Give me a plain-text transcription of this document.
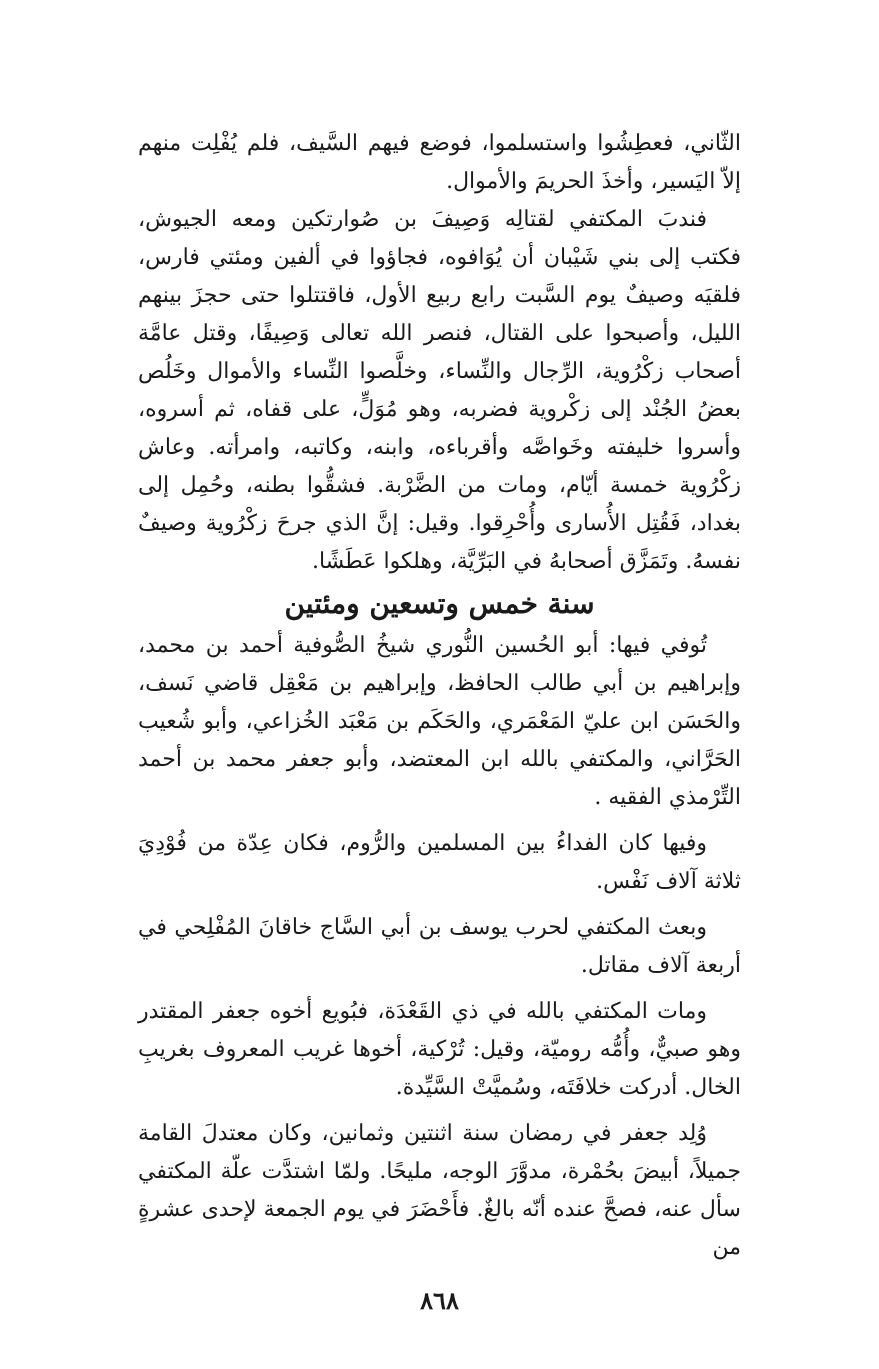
الثّاني، فعطِشُوا واستسلموا، فوضع فيهم السَّيف، فلم يُفْلِت منهم إلاّ اليَسير، وأخذَ الحريمَ والأموال.

فندبَ المكتفي لقتالِه وَصِيفَ بن صُوارتكين ومعه الجيوش، فكتب إلى بني شَيْبان أن يُوَافوه، فجاؤوا في ألفين ومئتي فارس، فلقيَه وصيفٌ يوم السَّبت رابع ربيع الأول، فاقتتلوا حتى حجزَ بينهم الليل، وأصبحوا على القتال، فنصر الله تعالى وَصِيفًا، وقتل عامَّة أصحاب زكْرُوية، الرِّجال والنِّساء، وخلَّصوا النِّساء والأموال وخَلُص بعضُ الجُنْد إلى زكْروية فضربه، وهو مُوَلٍّ، على قفاه، ثم أسروه، وأسروا خليفته وخَواصَّه وأقرباءه، وابنه، وكاتبه، وامرأته. وعاش زكْرُوية خمسة أيّام، ومات من الضَّرْبة. فشقُّوا بطنه، وحُمِل إلى بغداد، فَقُتِل الأُسارى وأُحْرِقوا. وقيل: إنَّ الذي جرحَ زكْرُوية وصيفٌ نفسهُ. وتَمَزَّق أصحابهُ في البَرِّيَّة، وهلكوا عَطَشًا.

سنة خمس وتسعين ومئتين

تُوفي فيها: أبو الحُسين النُّوري شيخُ الصُّوفية أحمد بن محمد، وإبراهيم بن أبي طالب الحافظ، وإبراهيم بن مَعْقِل قاضي نَسف، والحَسَن ابن عليّ المَعْمَري، والحَكَم بن مَعْبَد الخُزاعي، وأبو شُعيب الحَرَّاني، والمكتفي بالله ابن المعتضد، وأبو جعفر محمد بن أحمد التِّرْمذي الفقيه .

وفيها كان الفداءُ بين المسلمين والرُّوم، فكان عِدّة من فُوْدِيَ ثلاثة آلاف نَفْس.

وبعث المكتفي لحرب يوسف بن أبي السَّاج خاقانَ المُفْلِحي في أربعة آلاف مقاتل.

ومات المكتفي بالله في ذي القَعْدَة، فبُويع أخوه جعفر المقتدر وهو صبيٌّ، وأُمُّه روميّة، وقيل: تُرْكية، أخوها غريب المعروف بغريبِ الخال. أدركت خلافَتَه، وسُميَّتْ السَّيِّدة.

وُلِد جعفر في رمضان سنة اثنتين وثمانين، وكان معتدلَ القامة جميلاً، أبيضَ بحُمْرة، مدوَّرَ الوجه، مليحًا. ولمّا اشتدَّت علّة المكتفي سأل عنه، فصحَّ عنده أنّه بالغٌ. فأَحْضَرَ في يوم الجمعة لإحدى عشرةٍ من

٨٦٨
